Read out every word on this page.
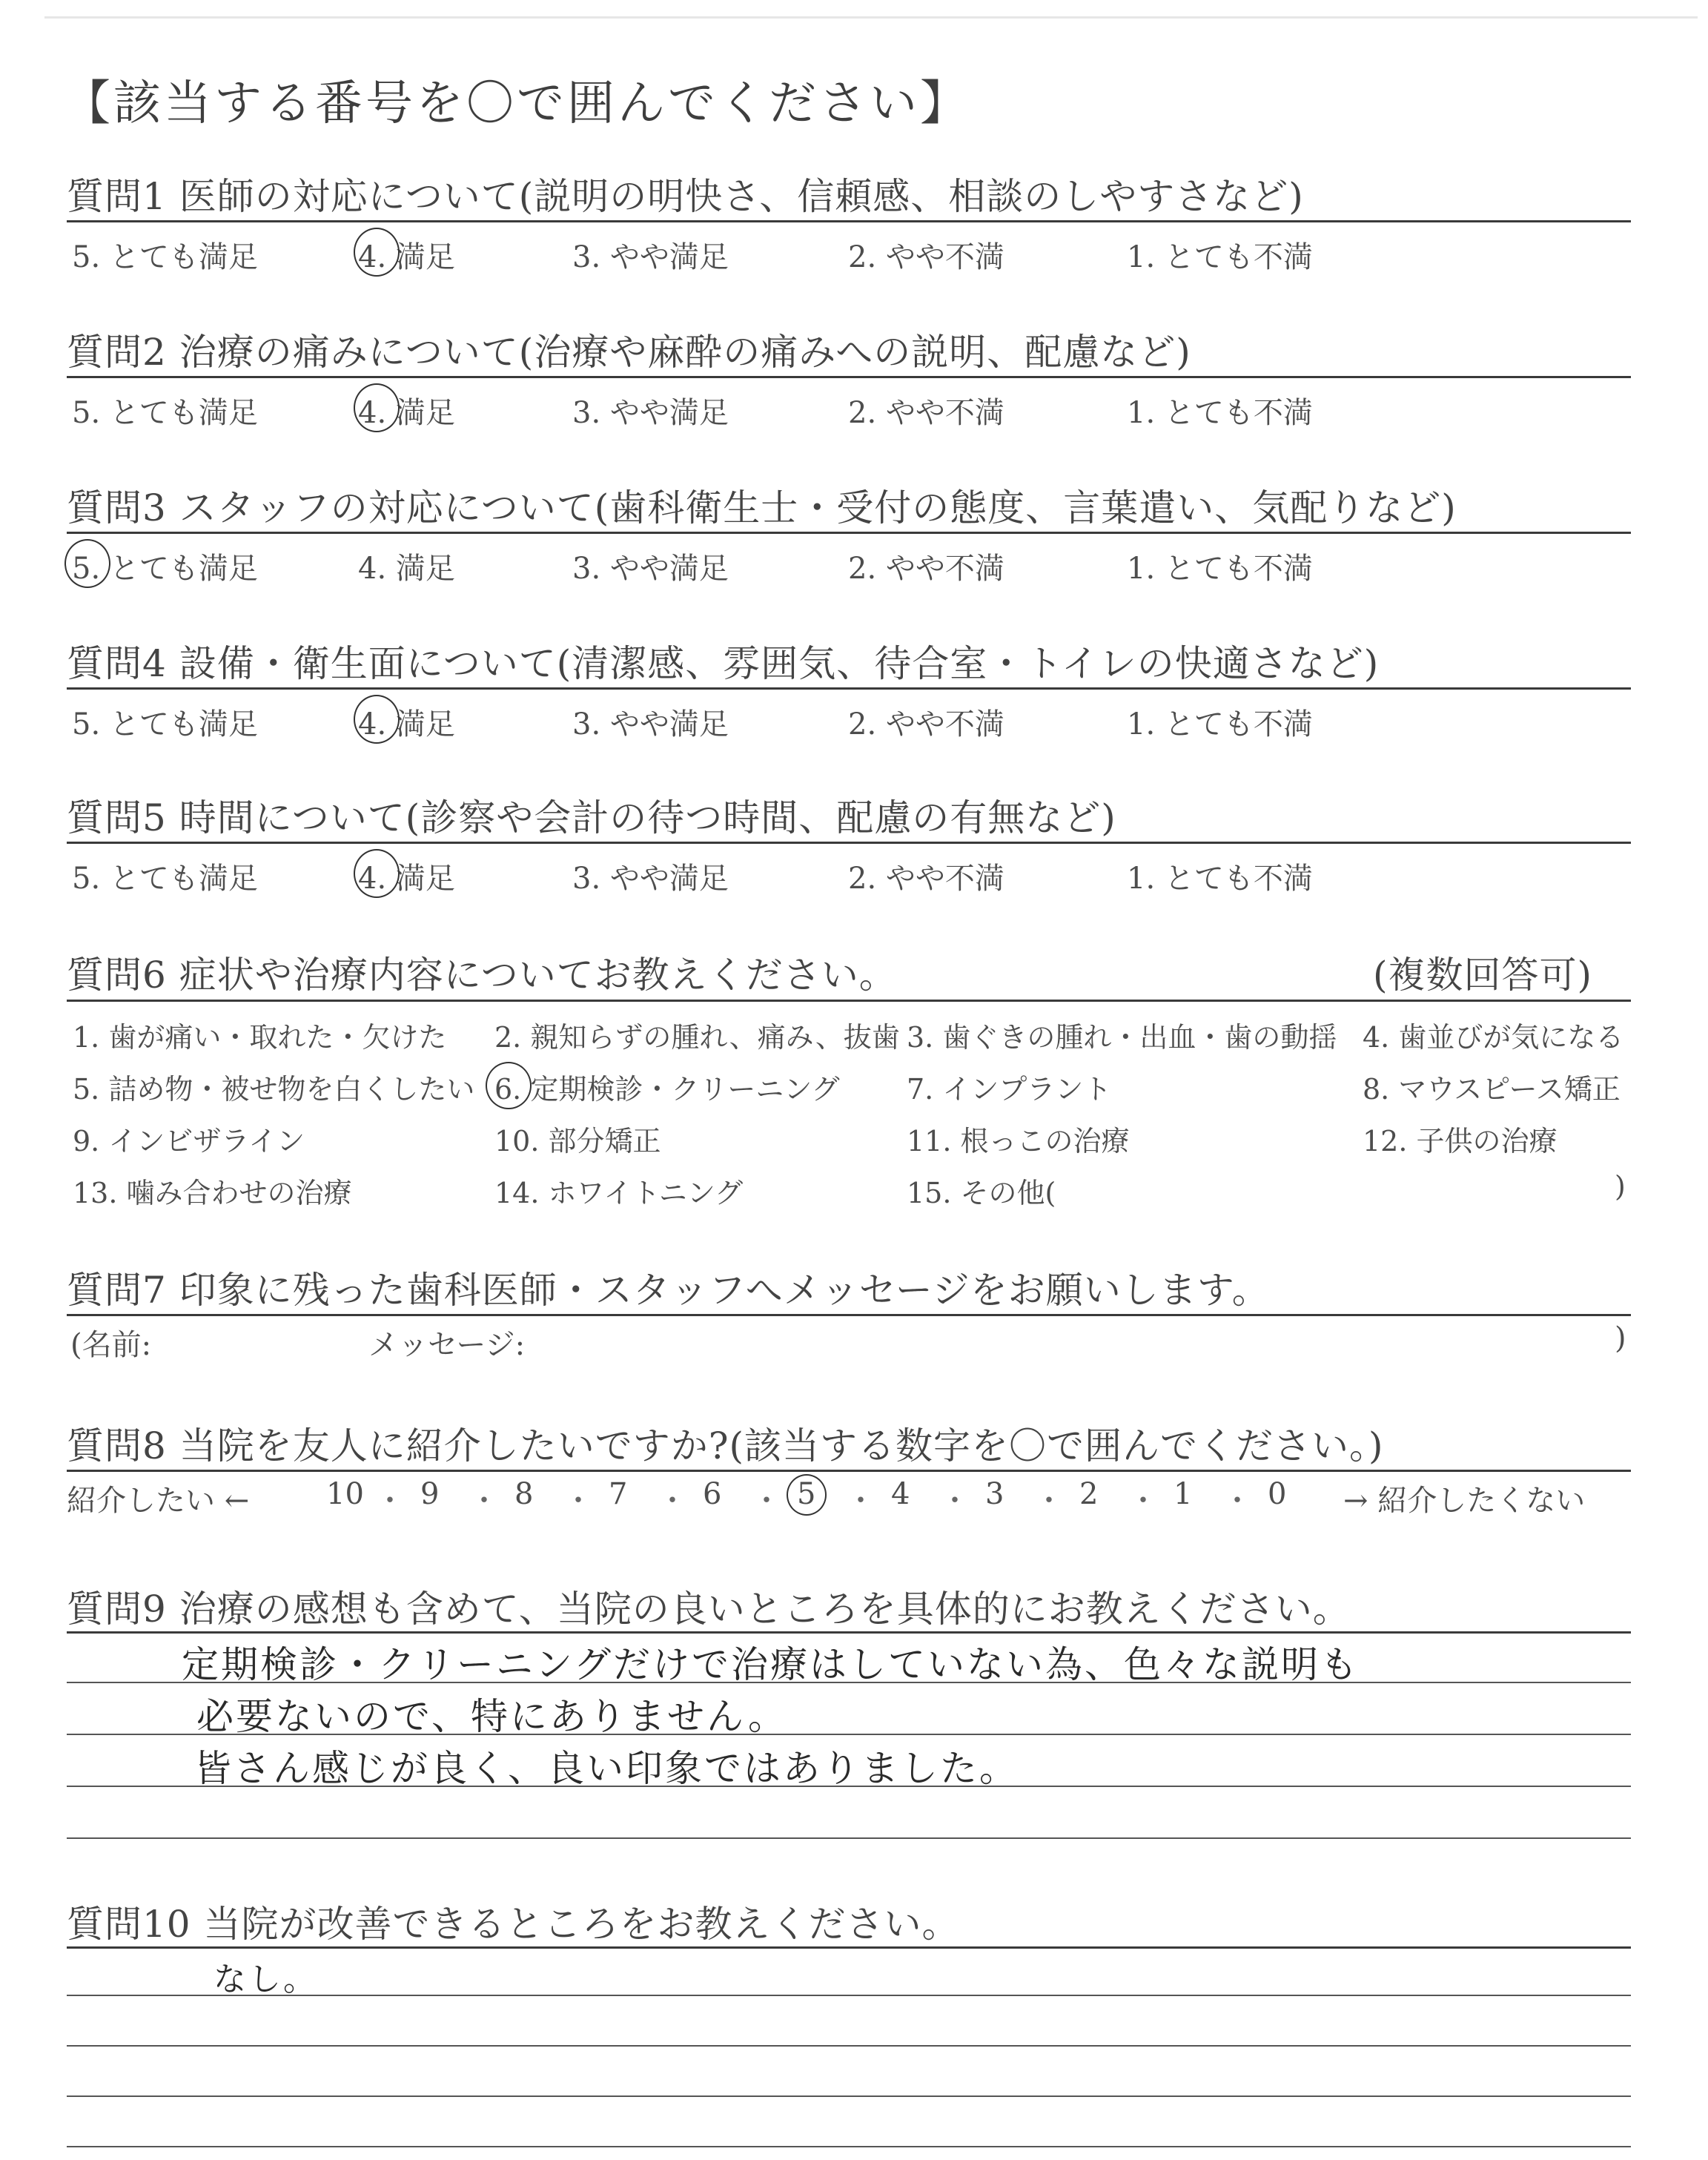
【該当する番号を〇で囲んでください】
質問1 医師の対応について(説明の明快さ、信頼感、相談のしやすさなど)
5. とても満足	4. 満足	3. やや満足	2. やや不満	1. とても不満
質問2 治療の痛みについて(治療や麻酔の痛みへの説明、配慮など)
5. とても満足	4. 満足	3. やや満足	2. やや不満	1. とても不満
質問3 スタッフの対応について(歯科衛生士・受付の態度、言葉遣い、気配りなど)
5. とても満足	4. 満足	3. やや満足	2. やや不満	1. とても不満
質問4 設備・衛生面について(清潔感、雰囲気、待合室・トイレの快適さなど)
5. とても満足	4. 満足	3. やや満足	2. やや不満	1. とても不満
質問5 時間について(診察や会計の待つ時間、配慮の有無など)
5. とても満足	4. 満足	3. やや満足	2. やや不満	1. とても不満
質問6 症状や治療内容についてお教えください。	(複数回答可)
1. 歯が痛い・取れた・欠けた 2. 親知らずの腫れ、痛み、抜歯 3. 歯ぐきの腫れ・出血・歯の動揺 4. 歯並びが気になる
5. 詰め物・被せ物を白くしたい 6. 定期検診・クリーニング 7. インプラント	8. マウスピース矯正
9. インビザライン	10. 部分矯正	11. 根っこの治療	12. 子供の治療
13. 噛み合わせの治療	14. ホワイトニング	15. その他(	)
質問7 印象に残った歯科医師・スタッフへメッセージをお願いします。
(名前:	メッセージ:	)
質問8 当院を友人に紹介したいですか?(該当する数字を〇で囲んでください。)
紹介したい ←	→ 紹介したくない
10 ・ 9 ・ 8 ・ 7 ・ 6 ・ 5 ・ 4 ・ 3 ・ 2 ・ 1 ・ 0
質問9 治療の感想も含めて、当院の良いところを具体的にお教えください。
定期検診・クリーニングだけで治療はしていない為、色々な説明も
必要ないので、特にありません。
皆さん感じが良く、良い印象ではありました。
質問10 当院が改善できるところをお教えください。
なし。
